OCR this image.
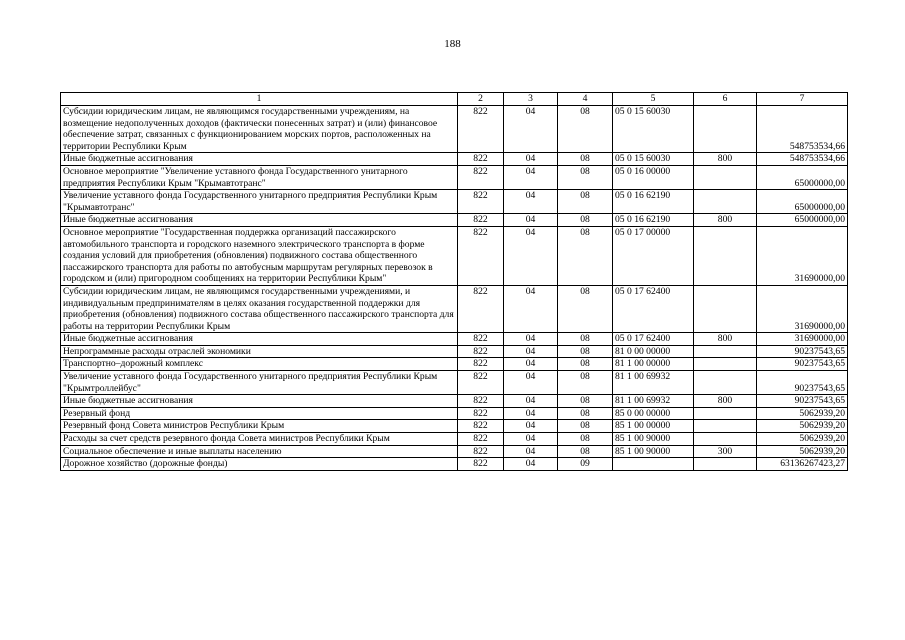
188
1	2	3	4	5	6	7
Субсидии юридическим лицам, не являющимся государственными учреждениям, на возмещение недополученных доходов (фактически понесенных затрат) и (или) финансовое обеспечение затрат, связанных с функционированием морских портов, расположенных на территории Республики Крым	822	04	08	05 0 15 60030		548753534,66
Иные бюджетные ассигнования	822	04	08	05 0 15 60030	800	548753534,66
Основное мероприятие "Увеличение уставного фонда Государственного унитарного предприятия Республики Крым "Крымавтотранс"	822	04	08	05 0 16 00000		65000000,00
Увеличение уставного фонда Государственного унитарного предприятия Республики Крым "Крымавтотранс"	822	04	08	05 0 16 62190		65000000,00
Иные бюджетные ассигнования	822	04	08	05 0 16 62190	800	65000000,00
Основное мероприятие "Государственная поддержка организаций пассажирского автомобильного транспорта и городского наземного электрического транспорта в форме создания условий для приобретения (обновления) подвижного состава общественного пассажирского транспорта для работы по автобусным маршрутам регулярных перевозок в городском и (или) пригородном сообщениях на территории Республики Крым"	822	04	08	05 0 17 00000		31690000,00
Субсидии юридическим лицам, не являющимся государственными учреждениями, и индивидуальным предпринимателям в целях оказания государственной поддержки для приобретения (обновления) подвижного состава общественного пассажирского транспорта для работы на территории Республики Крым	822	04	08	05 0 17 62400		31690000,00
Иные бюджетные ассигнования	822	04	08	05 0 17 62400	800	31690000,00
Непрограммные расходы отраслей экономики	822	04	08	81 0 00 00000		90237543,65
Транспортно–дорожный комплекс	822	04	08	81 1 00 00000		90237543,65
Увеличение уставного фонда Государственного унитарного предприятия Республики Крым "Крымтроллейбус"	822	04	08	81 1 00 69932		90237543,65
Иные бюджетные ассигнования	822	04	08	81 1 00 69932	800	90237543,65
Резервный фонд	822	04	08	85 0 00 00000		5062939,20
Резервный фонд Совета министров Республики Крым	822	04	08	85 1 00 00000		5062939,20
Расходы за счет средств резервного фонда Совета министров Республики Крым	822	04	08	85 1 00 90000		5062939,20
Социальное обеспечение и иные выплаты населению	822	04	08	85 1 00 90000	300	5062939,20
Дорожное хозяйство (дорожные фонды)	822	04	09			63136267423,27
